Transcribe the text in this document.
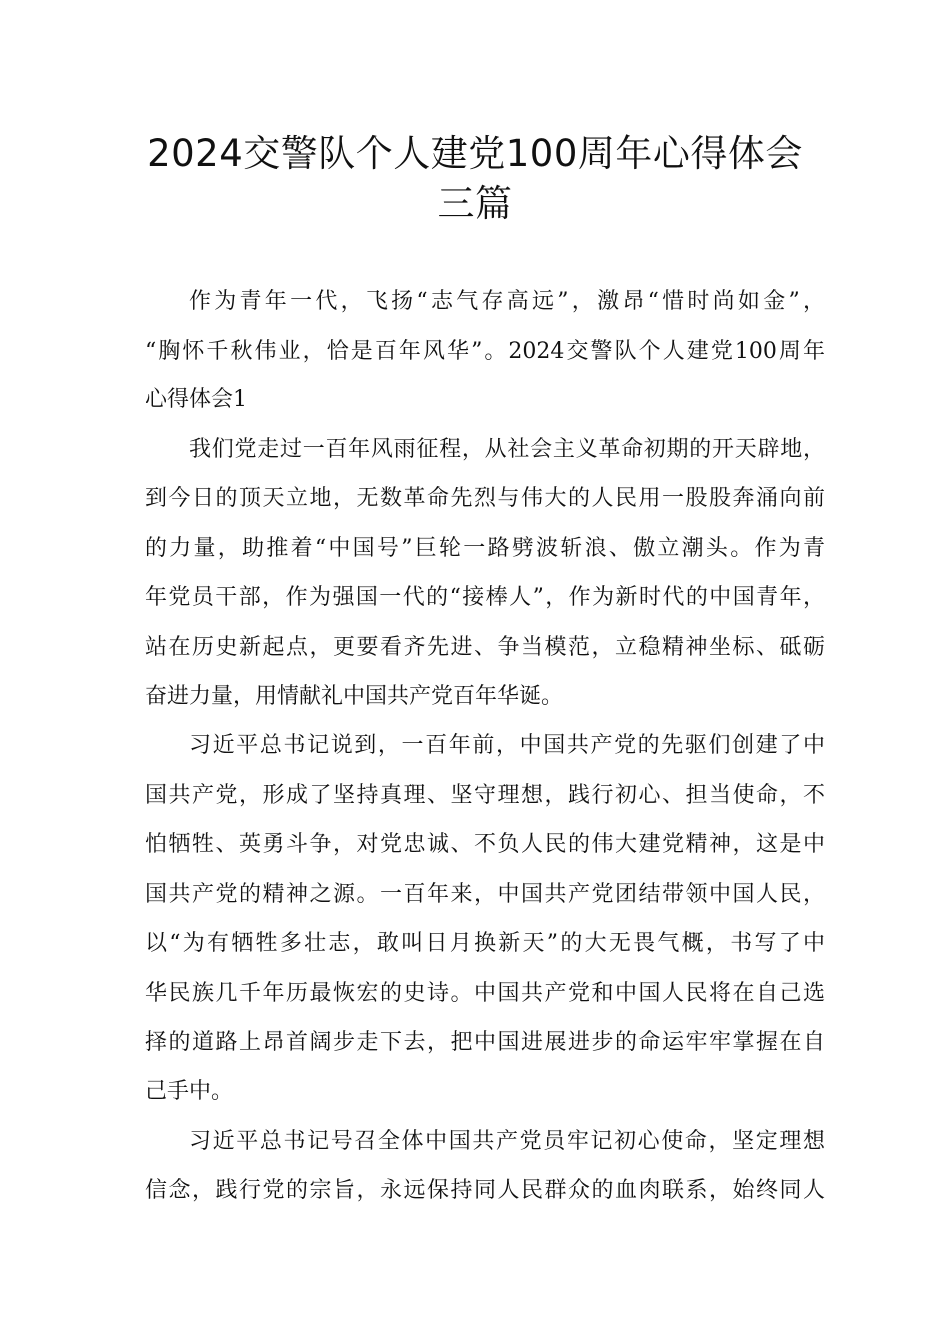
2024交警队个人建党100周年心得体会
三篇
作为青年一代，飞扬“志气存高远”，激昂“惜时尚如金”，
“胸怀千秋伟业，恰是百年风华”。2024交警队个人建党100周年
心得体会1
我们党走过一百年风雨征程，从社会主义革命初期的开天辟地，
到今日的顶天立地，无数革命先烈与伟大的人民用一股股奔涌向前
的力量，助推着“中国号”巨轮一路劈波斩浪、傲立潮头。作为青
年党员干部，作为强国一代的“接棒人”，作为新时代的中国青年，
站在历史新起点，更要看齐先进、争当模范，立稳精神坐标、砥砺
奋进力量，用情献礼中国共产党百年华诞。
习近平总书记说到，一百年前，中国共产党的先驱们创建了中
国共产党，形成了坚持真理、坚守理想，践行初心、担当使命，不
怕牺牲、英勇斗争，对党忠诚、不负人民的伟大建党精神，这是中
国共产党的精神之源。一百年来，中国共产党团结带领中国人民，
以“为有牺牲多壮志，敢叫日月换新天”的大无畏气概，书写了中
华民族几千年历最恢宏的史诗。中国共产党和中国人民将在自己选
择的道路上昂首阔步走下去，把中国进展进步的命运牢牢掌握在自
己手中。
习近平总书记号召全体中国共产党员牢记初心使命，坚定理想
信念，践行党的宗旨，永远保持同人民群众的血肉联系，始终同人
